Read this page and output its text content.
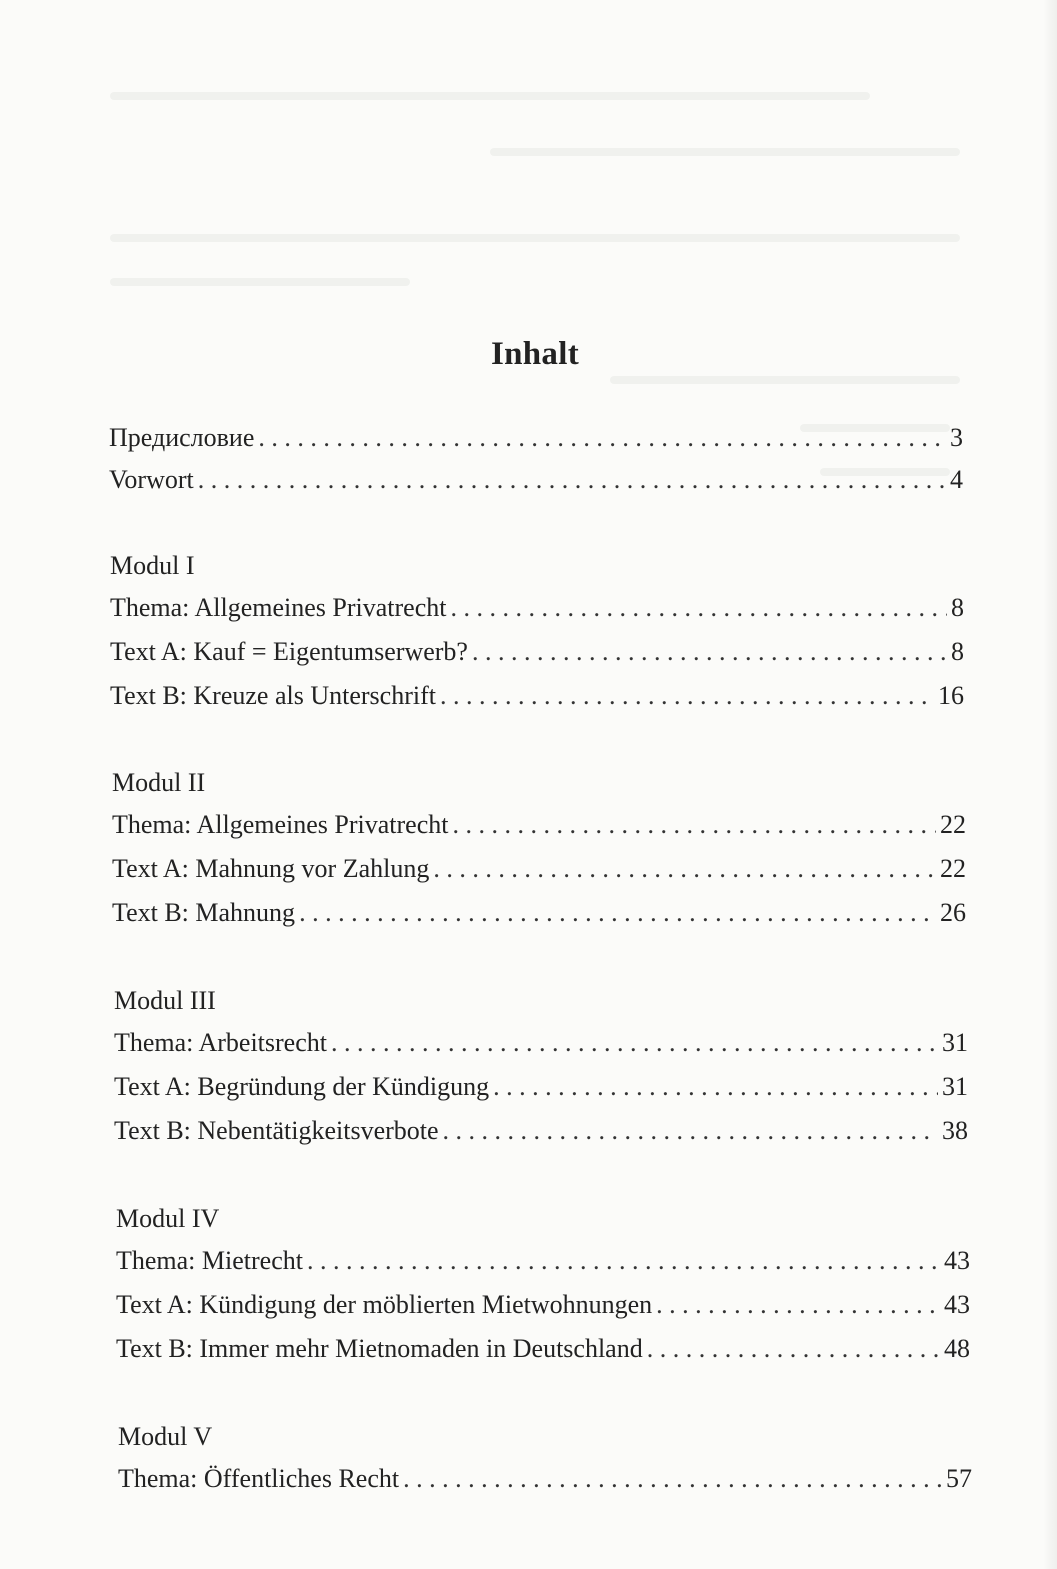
Inhalt
Предисловие . . .	3
Vorwort . . .	4
Modul I
Thema: Allgemeines Privatrecht . . .	8
Text A: Kauf = Eigentumserwerb? . . .	8
Text B: Kreuze als Unterschrift . . .	16
Modul II
Thema: Allgemeines Privatrecht . . .	22
Text A: Mahnung vor Zahlung . . .	22
Text B: Mahnung . . .	26
Modul III
Thema: Arbeitsrecht . . .	31
Text A: Begründung der Kündigung . . .	31
Text B: Nebentätigkeitsverbote . . .	38
Modul IV
Thema: Mietrecht . . .	43
Text A: Kündigung der möblierten Mietwohnungen . . .	43
Text B: Immer mehr Mietnomaden in Deutschland . . .	48
Modul V
Thema: Öffentliches Recht . . .	57
